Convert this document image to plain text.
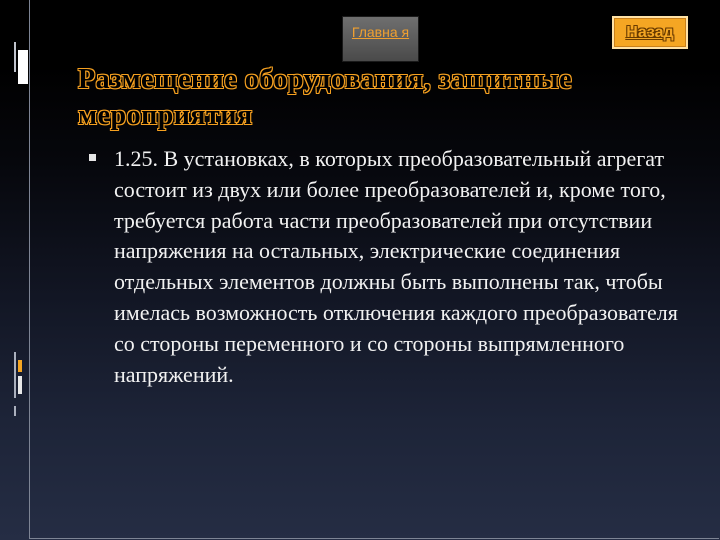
Главна я	Назад
Размещение оборудования, защитные мероприятия
1.25. В установках, в которых преобразовательный агрегат состоит из двух или более преобразователей и, кроме того, требуется работа части преобразователей при отсутствии напряжения на остальных, электрические соединения отдельных элементов должны быть выполнены так, чтобы имелась возможность отключения каждого преобразователя со стороны переменного и со стороны выпрямленного напряжений.
